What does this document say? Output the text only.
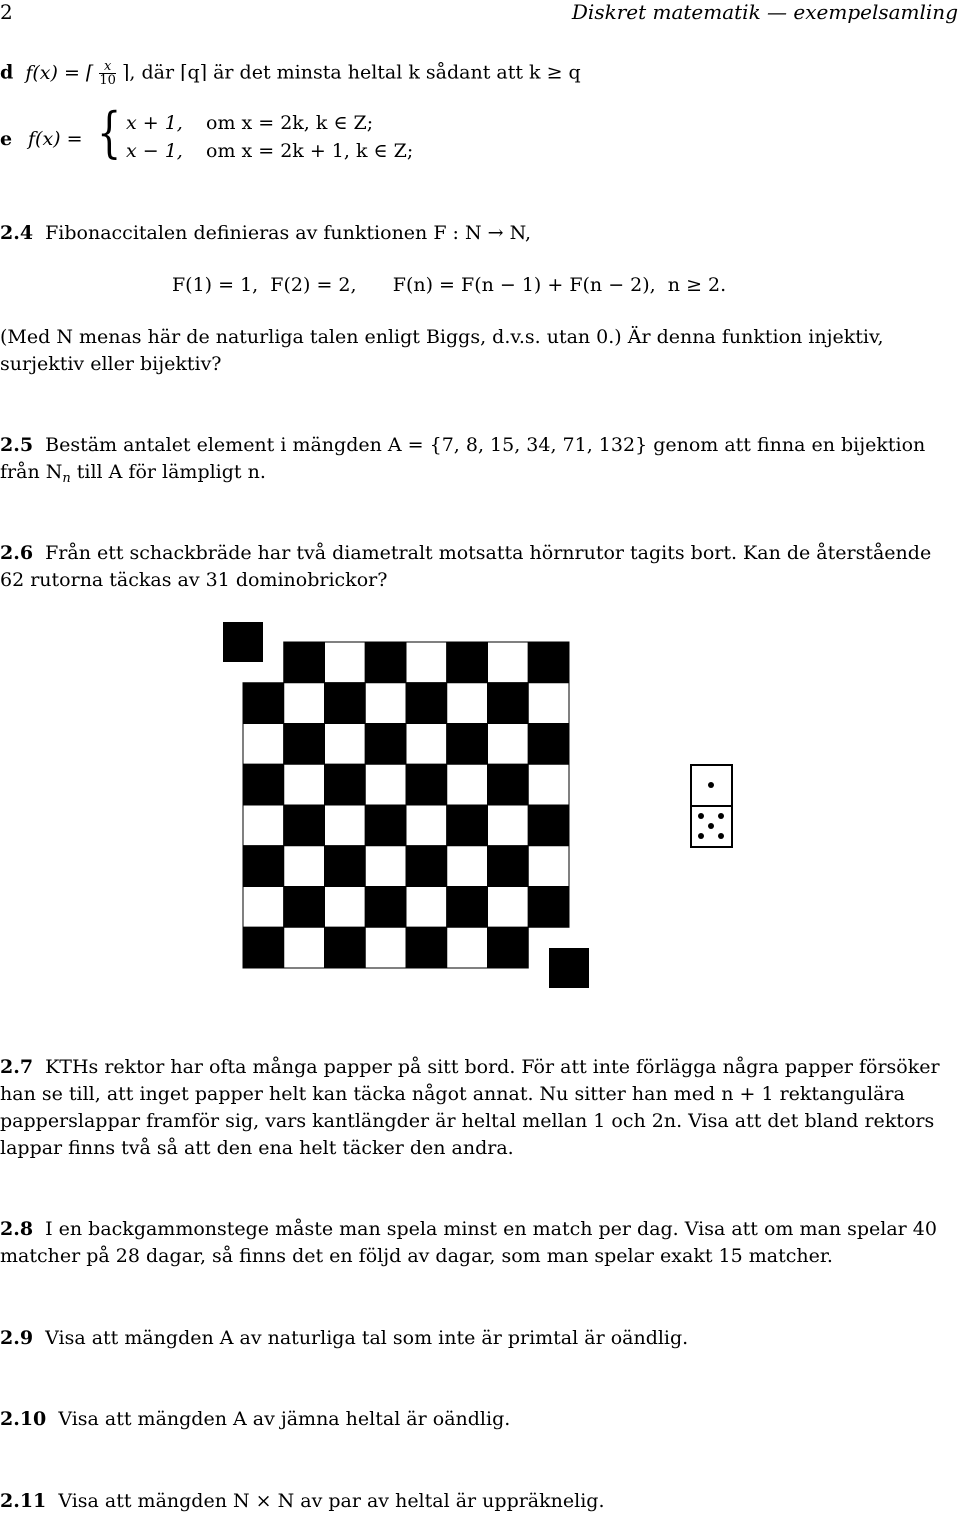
2	Diskret matematik — exempelsamling
d f(x) = ⌈ $\frac{x}{10}$ ⌉, där ⌈q⌉ är det minsta heltal k sådant att k ≥ q
e f(x) = { x + 1, om x = 2k, k ∈ Z;
x − 1, om x = 2k + 1, k ∈ Z;
2.4 Fibonaccitalen definieras av funktionen F : N → N,
F(1) = 1,  F(2) = 2,      F(n) = F(n − 1) + F(n − 2),  n ≥ 2.
(Med N menas här de naturliga talen enligt Biggs, d.v.s. utan 0.) Är denna funktion injektiv,
surjektiv eller bijektiv?
2.5 Bestäm antalet element i mängden A = {7, 8, 15, 34, 71, 132} genom att finna en bijektion
från $N_n$ till A för lämpligt n.
2.6 Från ett schackbräde har två diametralt motsatta hörnrutor tagits bort. Kan de återstående
62 rutorna täckas av 31 dominobrickor?
2.7 KTHs rektor har ofta många papper på sitt bord. För att inte förlägga några papper försöker
han se till, att inget papper helt kan täcka något annat. Nu sitter han med n + 1 rektangulära
papperslappar framför sig, vars kantlängder är heltal mellan 1 och 2n. Visa att det bland rektors
lappar finns två så att den ena helt täcker den andra.
2.8 I en backgammonstege måste man spela minst en match per dag. Visa att om man spelar 40
matcher på 28 dagar, så finns det en följd av dagar, som man spelar exakt 15 matcher.
2.9 Visa att mängden A av naturliga tal som inte är primtal är oändlig.
2.10 Visa att mängden A av jämna heltal är oändlig.
2.11 Visa att mängden N × N av par av heltal är uppräknelig.
